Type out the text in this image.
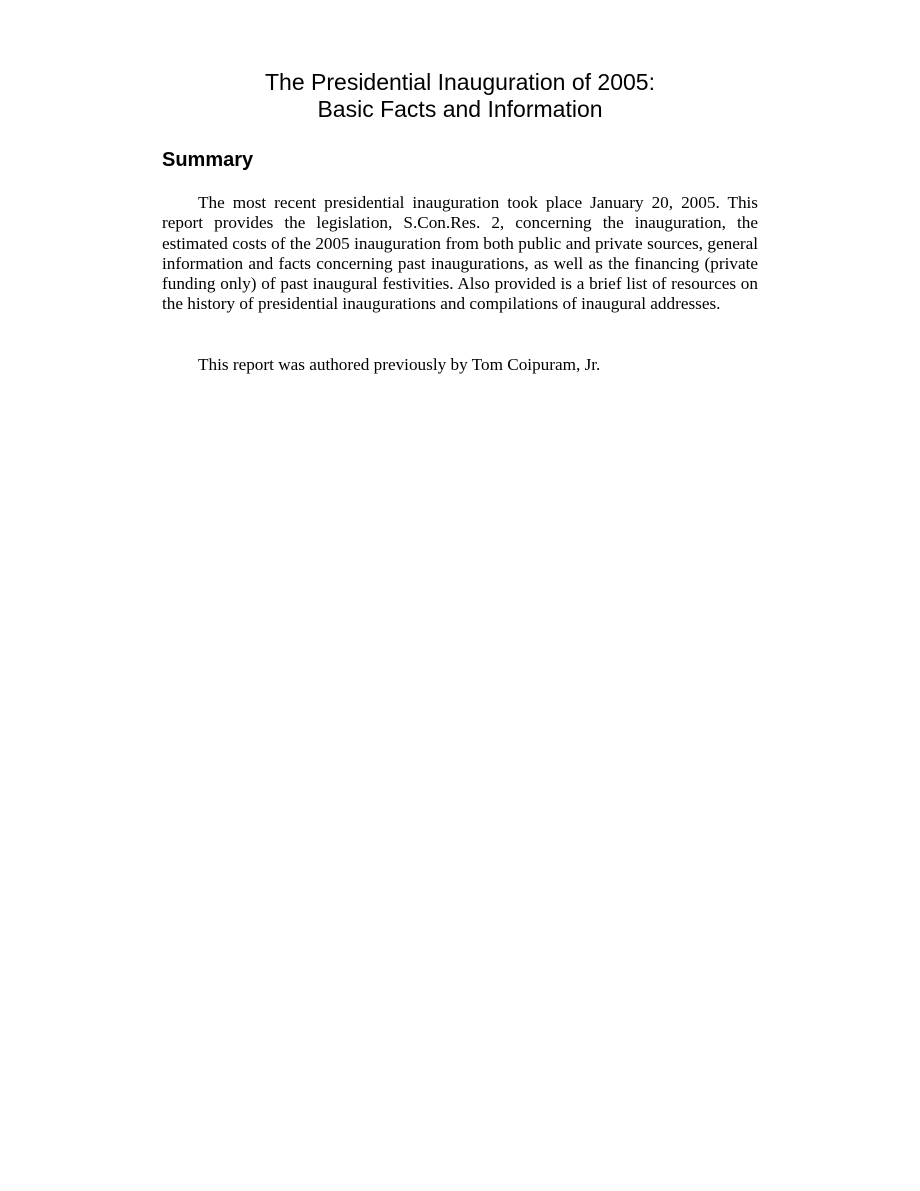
The Presidential Inauguration of 2005:
Basic Facts and Information
Summary

The most recent presidential inauguration took place January 20, 2005. This report provides the legislation, S.Con.Res. 2, concerning the inauguration, the estimated costs of the 2005 inauguration from both public and private sources, general information and facts concerning past inaugurations, as well as the financing (private funding only) of past inaugural festivities. Also provided is a brief list of resources on the history of presidential inaugurations and compilations of inaugural addresses.

This report was authored previously by Tom Coipuram, Jr.
